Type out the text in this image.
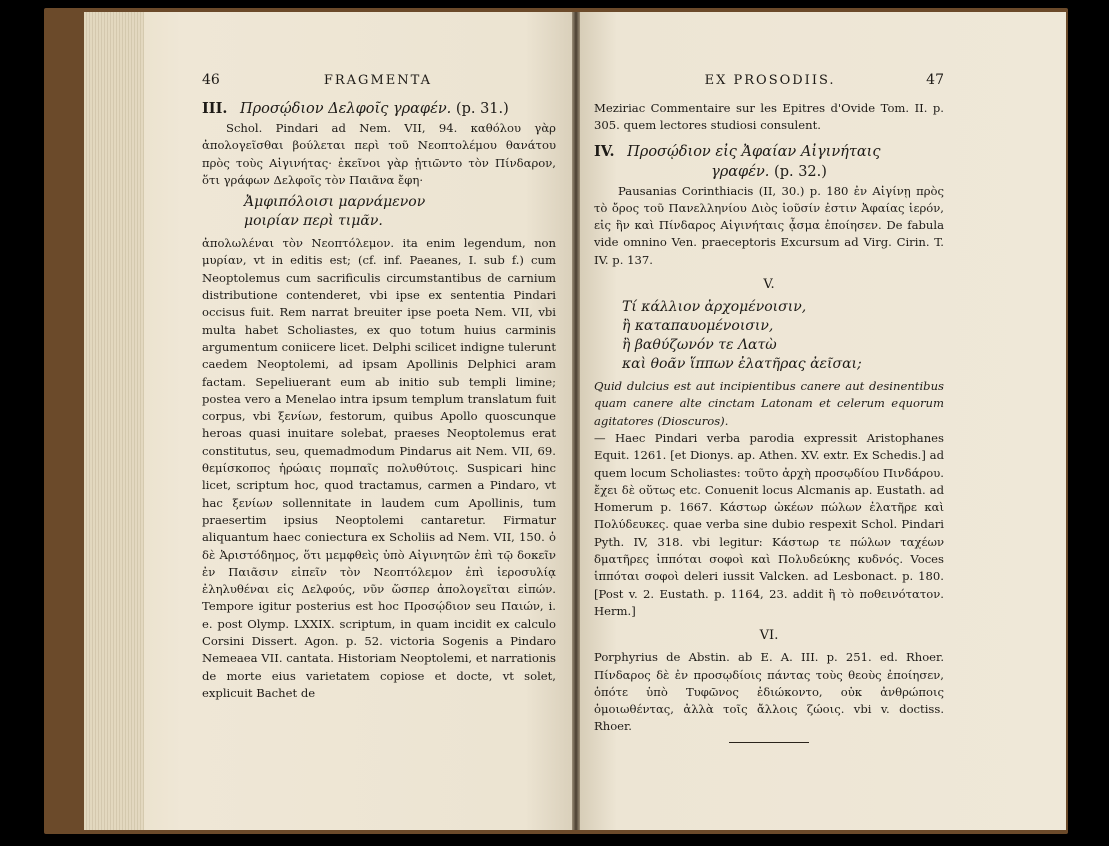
46	FRAGMENTA
III. Προσῴδιον Δελφοῖς γραφέν. (p. 31.)

Schol. Pindari ad Nem. VII, 94. καθόλου γὰρ ἀπολογεῖσθαι βούλεται περὶ τοῦ Νεοπτολέμου θανάτου πρὸς τοὺς Αἰγινήτας· ἐκεῖνοι γὰρ ᾐτιῶντο τὸν Πίνδαρον, ὅτι γράφων Δελφοῖς τὸν Παιᾶνα ἔφη·

Ἀμφιπόλοισι μαρνάμενον
μοιρίαν περὶ τιμᾶν.

ἀπολωλέναι τὸν Νεοπτόλεμον. ita enim legendum, non μυρίαν, vt in editis est; (cf. inf. Paeanes, I. sub f.) cum Neoptolemus cum sacrificulis circumstantibus de carnium distributione contenderet, vbi ipse ex sententia Pindari occisus fuit. Rem narrat breuiter ipse poeta Nem. VII, vbi multa habet Scholiastes, ex quo totum huius carminis argumentum coniicere licet. Delphi scilicet indigne tulerunt caedem Neoptolemi, ad ipsam Apollinis Delphici aram factam. Sepeliuerant eum ab initio sub templi limine; postea vero a Menelao intra ipsum templum translatum fuit corpus, vbi ξενίων, festorum, quibus Apollo quoscunque heroas quasi inuitare solebat, praeses Neoptolemus erat constitutus, seu, quemadmodum Pindarus ait Nem. VII, 69. θεμίσκοπος ἡρώαις πομπαῖς πολυθύτοις. Suspicari hinc licet, scriptum hoc, quod tractamus, carmen a Pindaro, vt hac ξενίων sollennitate in laudem cum Apollinis, tum praesertim ipsius Neoptolemi cantaretur. Firmatur aliquantum haec coniectura ex Scholiis ad Nem. VII, 150. ὁ δὲ Ἀριστόδημος, ὅτι μεμφθεὶς ὑπὸ Αἰγινητῶν ἐπὶ τῷ δοκεῖν ἐν Παιᾶσιν εἰπεῖν τὸν Νεοπτόλεμον ἐπὶ ἱεροσυλίᾳ ἐληλυθέναι εἰς Δελφούς, νῦν ὥσπερ ἀπολογεῖται εἰπών. Tempore igitur posterius est hoc Προσῴδιον seu Παιών, i. e. post Olymp. LXXIX. scriptum, in quam incidit ex calculo Corsini Dissert. Agon. p. 52. victoria Sogenis a Pindaro Nemeaea VII. cantata. Historiam Neoptolemi, et narrationis de morte eius varietatem copiose et docte, vt solet, explicuit Bachet de

EX PROSODIIS.	47

Meziriac Commentaire sur les Epitres d'Ovide Tom. II. p. 305. quem lectores studiosi consulent.

IV. Προσῴδιον εἰς Ἀφαίαν Αἰγινήταις
γραφέν. (p. 32.)

Pausanias Corinthiacis (II, 30.) p. 180 ἐν Αἰγίνῃ πρὸς τὸ ὄρος τοῦ Πανελληνίου Διὸς ἰοῦσίν ἐστιν Ἀφαίας ἱερόν, εἰς ἣν καὶ Πίνδαρος Αἰγινήταις ᾆσμα ἐποίησεν. De fabula vide omnino Ven. praeceptoris Excursum ad Virg. Cirin. T. IV. p. 137.

V.
Τί κάλλιον ἀρχομένοισιν,
ἢ καταπαυομένοισιν,
ἢ βαθύζωνόν τε Λατὼ
καὶ θοᾶν ἵππων ἐλατῆρας ἀεῖσαι;

Quid dulcius est aut incipientibus canere aut desinentibus quam canere alte cinctam Latonam et celerum equorum agitatores (Dioscuros).

— Haec Pindari verba parodia expressit Aristophanes Equit. 1261. [et Dionys. ap. Athen. XV. extr. Ex Schedis.] ad quem locum Scholiastes: τοῦτο ἀρχὴ προσῳδίου Πινδάρου. ἔχει δὲ οὕτως etc. Conuenit locus Alcmanis ap. Eustath. ad Homerum p. 1667. Κάστωρ ὠκέων πώλων ἐλατῆρε καὶ Πολύδευκες. quae verba sine dubio respexit Schol. Pindari Pyth. IV, 318. vbi legitur: Κάστωρ τε πώλων ταχέων δματῆρες ἱππόται σοφοὶ καὶ Πολυδεύκης κυδνός. Voces ἱππόται σοφοὶ deleri iussit Valcken. ad Lesbonact. p. 180. [Post v. 2. Eustath. p. 1164, 23. addit ἢ τὸ ποθεινότατον. Herm.]

VI.

Porphyrius de Abstin. ab E. A. III. p. 251. ed. Rhoer. Πίνδαρος δὲ ἐν προσῳδίοις πάντας τοὺς θεοὺς ἐποίησεν, ὁπότε ὑπὸ Τυφῶνος ἐδιώκοντο, οὐκ ἀνθρώποις ὁμοιωθέντας, ἀλλὰ τοῖς ἄλλοις ζώοις. vbi v. doctiss. Rhoer.
